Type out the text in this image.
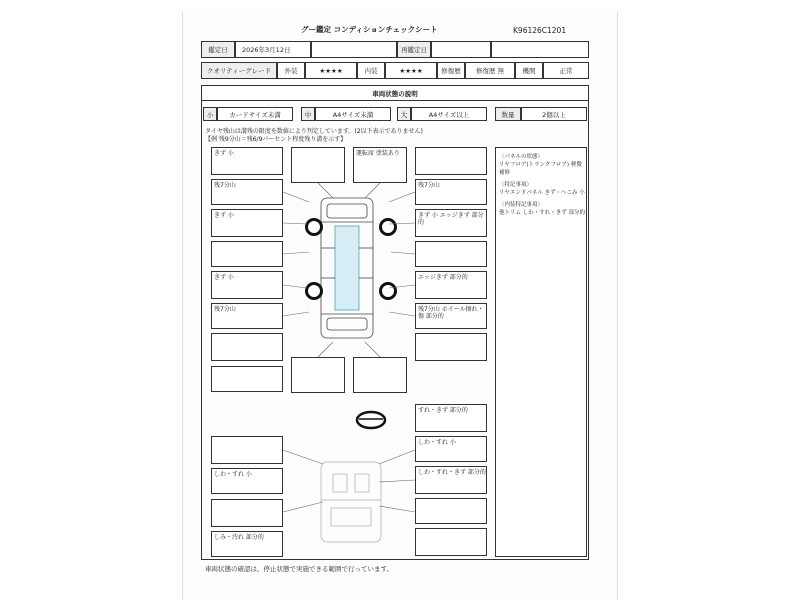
グー鑑定 コンディションチェックシート	K96126C1201
鑑定日	2026年3月12日	再鑑定日
クオリティーグレード	外装	★★★★	内装	★★★★	修復歴	修復歴 無	機関	正常
車両状態の説明
小	カードサイズ未満	中	A4サイズ未満	大	A4サイズ以上	数量	2個以上
タイヤ残山は溝残の限度を数値により判定しています。(2以下表示でありません)
【例 残9分山＝残6/9パーセント程度残り溝を示す】
きず 小
残7分山
きず 小
きず 小
残7分山
しわ・すれ 小
しみ・汚れ 部分的
運転席 塗装あり
残7分山
きず 小 エッジきず 部分的
エッジきず 部分的
残7分山 ホイール擦れ・傷 部分的
すれ・きず 部分的
しわ・すれ 小
しわ・すれ・きず 部分的
〈パネルの状態〉
リヤフロア(トランクフロア) 軽微
補修
〈特記事項〉
リヤエンドパネル きず・へこみ 小
〈内装特記事項〉
他トリム しわ・すれ・きず 部分的
車両状態の確認は、停止状態で実施できる範囲で行っています。
